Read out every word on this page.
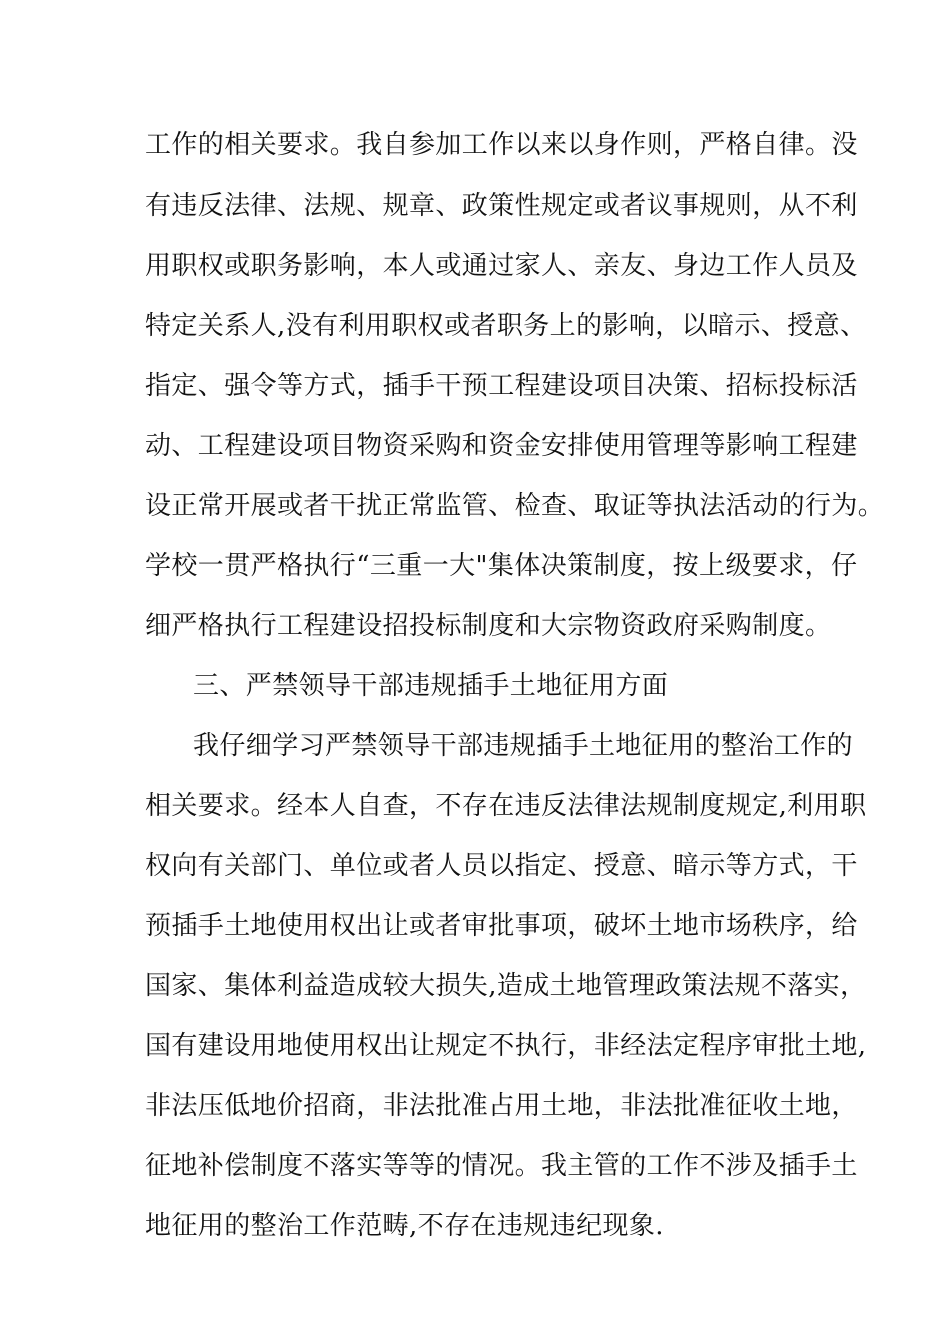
工作的相关要求。我自参加工作以来以身作则，严格自律。没
有违反法律、法规、规章、政策性规定或者议事规则，从不利
用职权或职务影响，本人或通过家人、亲友、身边工作人员及
特定关系人,没有利用职权或者职务上的影响，以暗示、授意、
指定、强令等方式，插手干预工程建设项目决策、招标投标活
动、工程建设项目物资采购和资金安排使用管理等影响工程建
设正常开展或者干扰正常监管、检查、取证等执法活动的行为。
学校一贯严格执行“三重一大"集体决策制度，按上级要求，仔
细严格执行工程建设招投标制度和大宗物资政府采购制度。
三、严禁领导干部违规插手土地征用方面
我仔细学习严禁领导干部违规插手土地征用的整治工作的
相关要求。经本人自查，不存在违反法律法规制度规定,利用职
权向有关部门、单位或者人员以指定、授意、暗示等方式，干
预插手土地使用权出让或者审批事项，破坏土地市场秩序，给
国家、集体利益造成较大损失,造成土地管理政策法规不落实，
国有建设用地使用权出让规定不执行，非经法定程序审批土地,
非法压低地价招商，非法批准占用土地，非法批准征收土地，
征地补偿制度不落实等等的情况。我主管的工作不涉及插手土
地征用的整治工作范畴,不存在违规违纪现象.
